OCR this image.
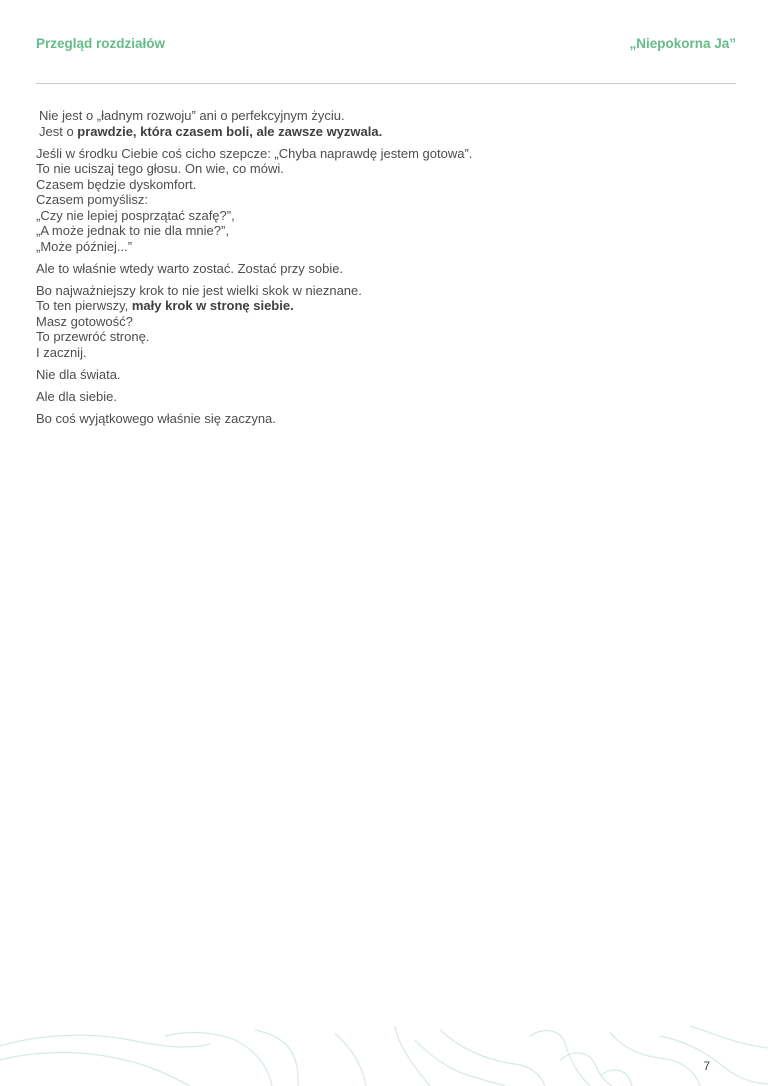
Przegląd rozdziałów	„Niepokorna Ja”
Nie jest o „ładnym rozwoju” ani o perfekcyjnym życiu.
Jest o prawdzie, która czasem boli, ale zawsze wyzwala.
Jeśli w środku Ciebie coś cicho szepcze: „Chyba naprawdę jestem gotowa”.
To nie uciszaj tego głosu. On wie, co mówi.
Czasem będzie dyskomfort.
Czasem pomyślisz:
„Czy nie lepiej posprzątać szafę?”,
„A może jednak to nie dla mnie?”,
„Może później...”
Ale to właśnie wtedy warto zostać. Zostać przy sobie.
Bo najważniejszy krok to nie jest wielki skok w nieznane.
To ten pierwszy, mały krok w stronę siebie.
Masz gotowość?
To przewróć stronę.
I zacznij.
Nie dla świata.
Ale dla siebie.
Bo coś wyjątkowego właśnie się zaczyna.
7
